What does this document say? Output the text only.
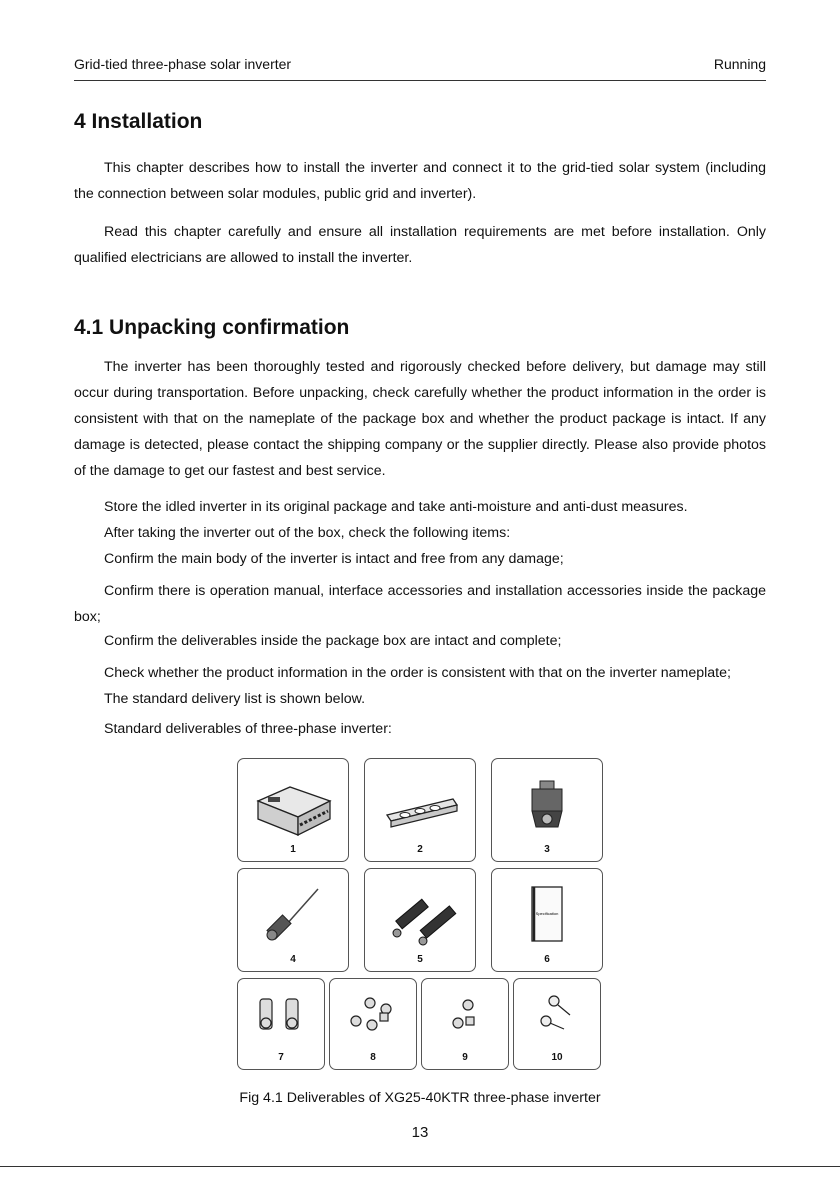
Grid-tied three-phase solar inverter	Running
4 Installation

This chapter describes how to install the inverter and connect it to the grid-tied solar system (including the connection between solar modules, public grid and inverter).

Read this chapter carefully and ensure all installation requirements are met before installation. Only qualified electricians are allowed to install the inverter.

4.1 Unpacking confirmation

The inverter has been thoroughly tested and rigorously checked before delivery, but damage may still occur during transportation. Before unpacking, check carefully whether the product information in the order is consistent with that on the nameplate of the package box and whether the product package is intact. If any damage is detected, please contact the shipping company or the supplier directly. Please also provide photos of the damage to get our fastest and best service.

Store the idled inverter in its original package and take anti-moisture and anti-dust measures.

After taking the inverter out of the box, check the following items:

Confirm the main body of the inverter is intact and free from any damage;

Confirm there is operation manual, interface accessories and installation accessories inside the package box;

Confirm the deliverables inside the package box are intact and complete;

Check whether the product information in the order is consistent with that on the inverter nameplate;

The standard delivery list is shown below.

Standard deliverables of three-phase inverter:

1	2	3
4	5
Specification
6
7	8	9	10
Fig 4.1 Deliverables of XG25-40KTR three-phase inverter
13
